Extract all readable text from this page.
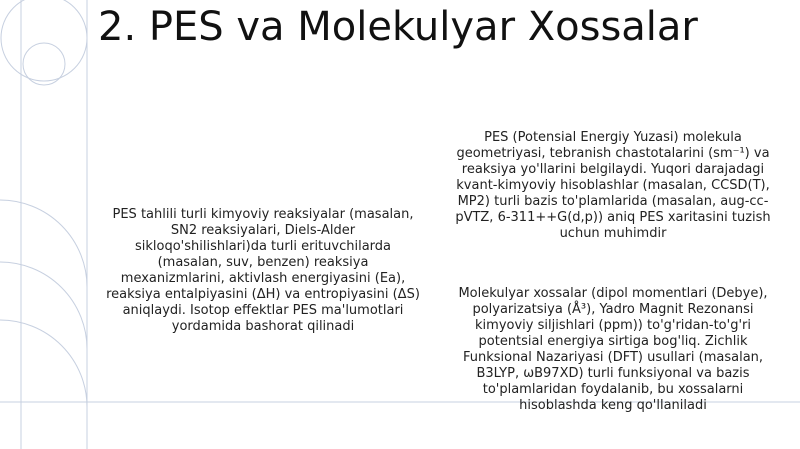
2. PES va Molekulyar Xossalar
PES tahlili turli kimyoviy reaksiyalar (masalan, SN2 reaksiyalari, Diels-Alder sikloqo'shilishlari)da turli erituvchilarda (masalan, suv, benzen) reaksiya mexanizmlarini, aktivlash energiyasini (Ea), reaksiya entalpiyasini (ΔH) va entropiyasini (ΔS) aniqlaydi. Isotop effektlar PES ma'lumotlari yordamida bashorat qilinadi
PES (Potensial Energiy Yuzasi) molekula geometriyasi, tebranish chastotalarini (sm⁻¹) va reaksiya yo'llarini belgilaydi. Yuqori darajadagi kvant-kimyoviy hisoblashlar (masalan, CCSD(T), MP2) turli bazis to'plamlarida (masalan, aug-cc-pVTZ, 6-311++G(d,p)) aniq PES xaritasini tuzish uchun muhimdir
Molekulyar xossalar (dipol momentlari (Debye), polyarizatsiya (Å³), Yadro Magnit Rezonansi kimyoviy siljishlari (ppm)) to'g'ridan-to'g'ri potentsial energiya sirtiga bog'liq. Zichlik Funksional Nazariyasi (DFT) usullari (masalan, B3LYP, ωB97XD) turli funksiyonal va bazis to'plamlaridan foydalanib, bu xossalarni hisoblashda keng qo'llaniladi
